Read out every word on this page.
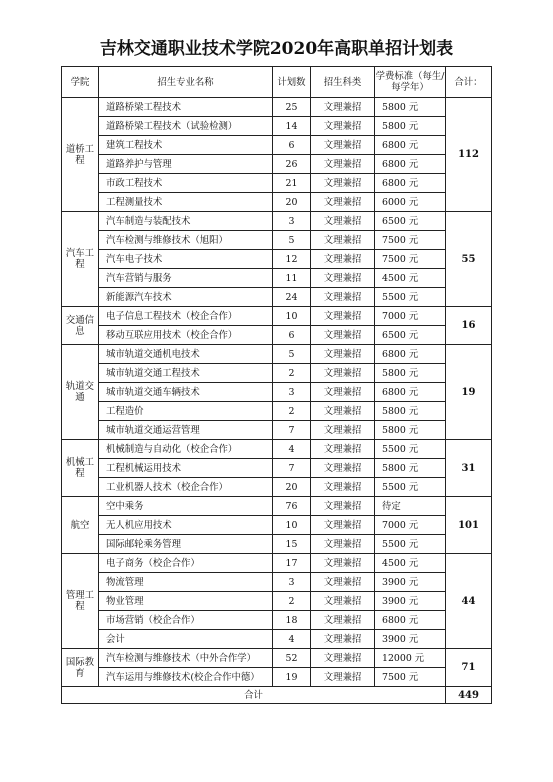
吉林交通职业技术学院2020年高职单招计划表
学院	招生专业名称	计划数	招生科类	学费标准（每生/每学年）	合计：
道桥工程	道路桥梁工程技术	25	文理兼招	5800 元	112
	道路桥梁工程技术（试验检测）	14	文理兼招	5800 元	
	建筑工程技术	6	文理兼招	6800 元	
	道路养护与管理	26	文理兼招	6800 元	
	市政工程技术	21	文理兼招	6800 元	
	工程测量技术	20	文理兼招	6000 元	
汽车工程	汽车制造与装配技术	3	文理兼招	6500 元	55
	汽车检测与维修技术（旭阳）	5	文理兼招	7500 元	
	汽车电子技术	12	文理兼招	7500 元	
	汽车营销与服务	11	文理兼招	4500 元	
	新能源汽车技术	24	文理兼招	5500 元	
交通信息	电子信息工程技术（校企合作）	10	文理兼招	7000 元	16
	移动互联应用技术（校企合作）	6	文理兼招	6500 元	
轨道交通	城市轨道交通机电技术	5	文理兼招	6800 元	19
	城市轨道交通工程技术	2	文理兼招	5800 元	
	城市轨道交通车辆技术	3	文理兼招	6800 元	
	工程造价	2	文理兼招	5800 元	
	城市轨道交通运营管理	7	文理兼招	5800 元	
机械工程	机械制造与自动化（校企合作）	4	文理兼招	5500 元	31
	工程机械运用技术	7	文理兼招	5800 元	
	工业机器人技术（校企合作）	20	文理兼招	5500 元	
航空	空中乘务	76	文理兼招	待定	101
	无人机应用技术	10	文理兼招	7000 元	
	国际邮轮乘务管理	15	文理兼招	5500 元	
管理工程	电子商务（校企合作）	17	文理兼招	4500 元	44
	物流管理	3	文理兼招	3900 元	
	物业管理	2	文理兼招	3900 元	
	市场营销（校企合作）	18	文理兼招	6800 元	
	会计	4	文理兼招	3900 元	
国际教育	汽车检测与维修技术（中外合作学）	52	文理兼招	12000 元	71
	汽车运用与维修技术(校企合作中德）	19	文理兼招	7500 元	
合计					449
